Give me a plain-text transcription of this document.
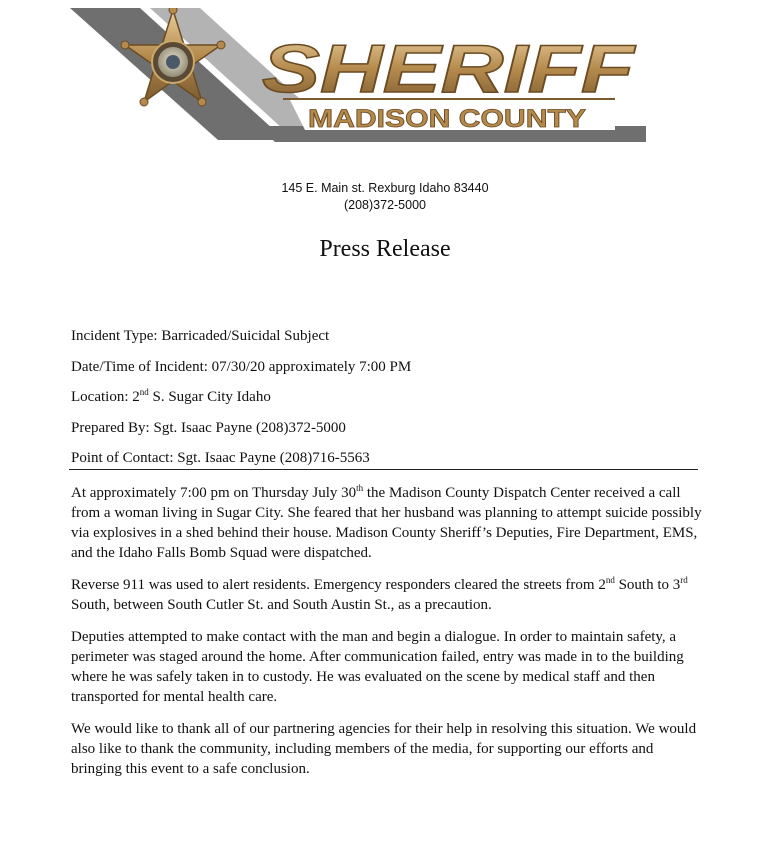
SHERIFF
MADISON COUNTY
145 E. Main st. Rexburg Idaho 83440
(208)372-5000
Press Release
Incident Type: Barricaded/Suicidal Subject
Date/Time of Incident: 07/30/20 approximately 7:00 PM
Location: 2nd S. Sugar City Idaho
Prepared By: Sgt. Isaac Payne (208)372-5000
Point of Contact: Sgt. Isaac Payne (208)716-5563

At approximately 7:00 pm on Thursday July 30th the Madison County Dispatch Center received a call from a woman living in Sugar City. She feared that her husband was planning to attempt suicide possibly via explosives in a shed behind their house. Madison County Sheriff’s Deputies, Fire Department, EMS, and the Idaho Falls Bomb Squad were dispatched.

Reverse 911 was used to alert residents. Emergency responders cleared the streets from 2nd South to 3rd South, between South Cutler St. and South Austin St., as a precaution.

Deputies attempted to make contact with the man and begin a dialogue. In order to maintain safety, a perimeter was staged around the home. After communication failed, entry was made in to the building where he was safely taken in to custody. He was evaluated on the scene by medical staff and then transported for mental health care.

We would like to thank all of our partnering agencies for their help in resolving this situation. We would also like to thank the community, including members of the media, for supporting our efforts and bringing this event to a safe conclusion.
